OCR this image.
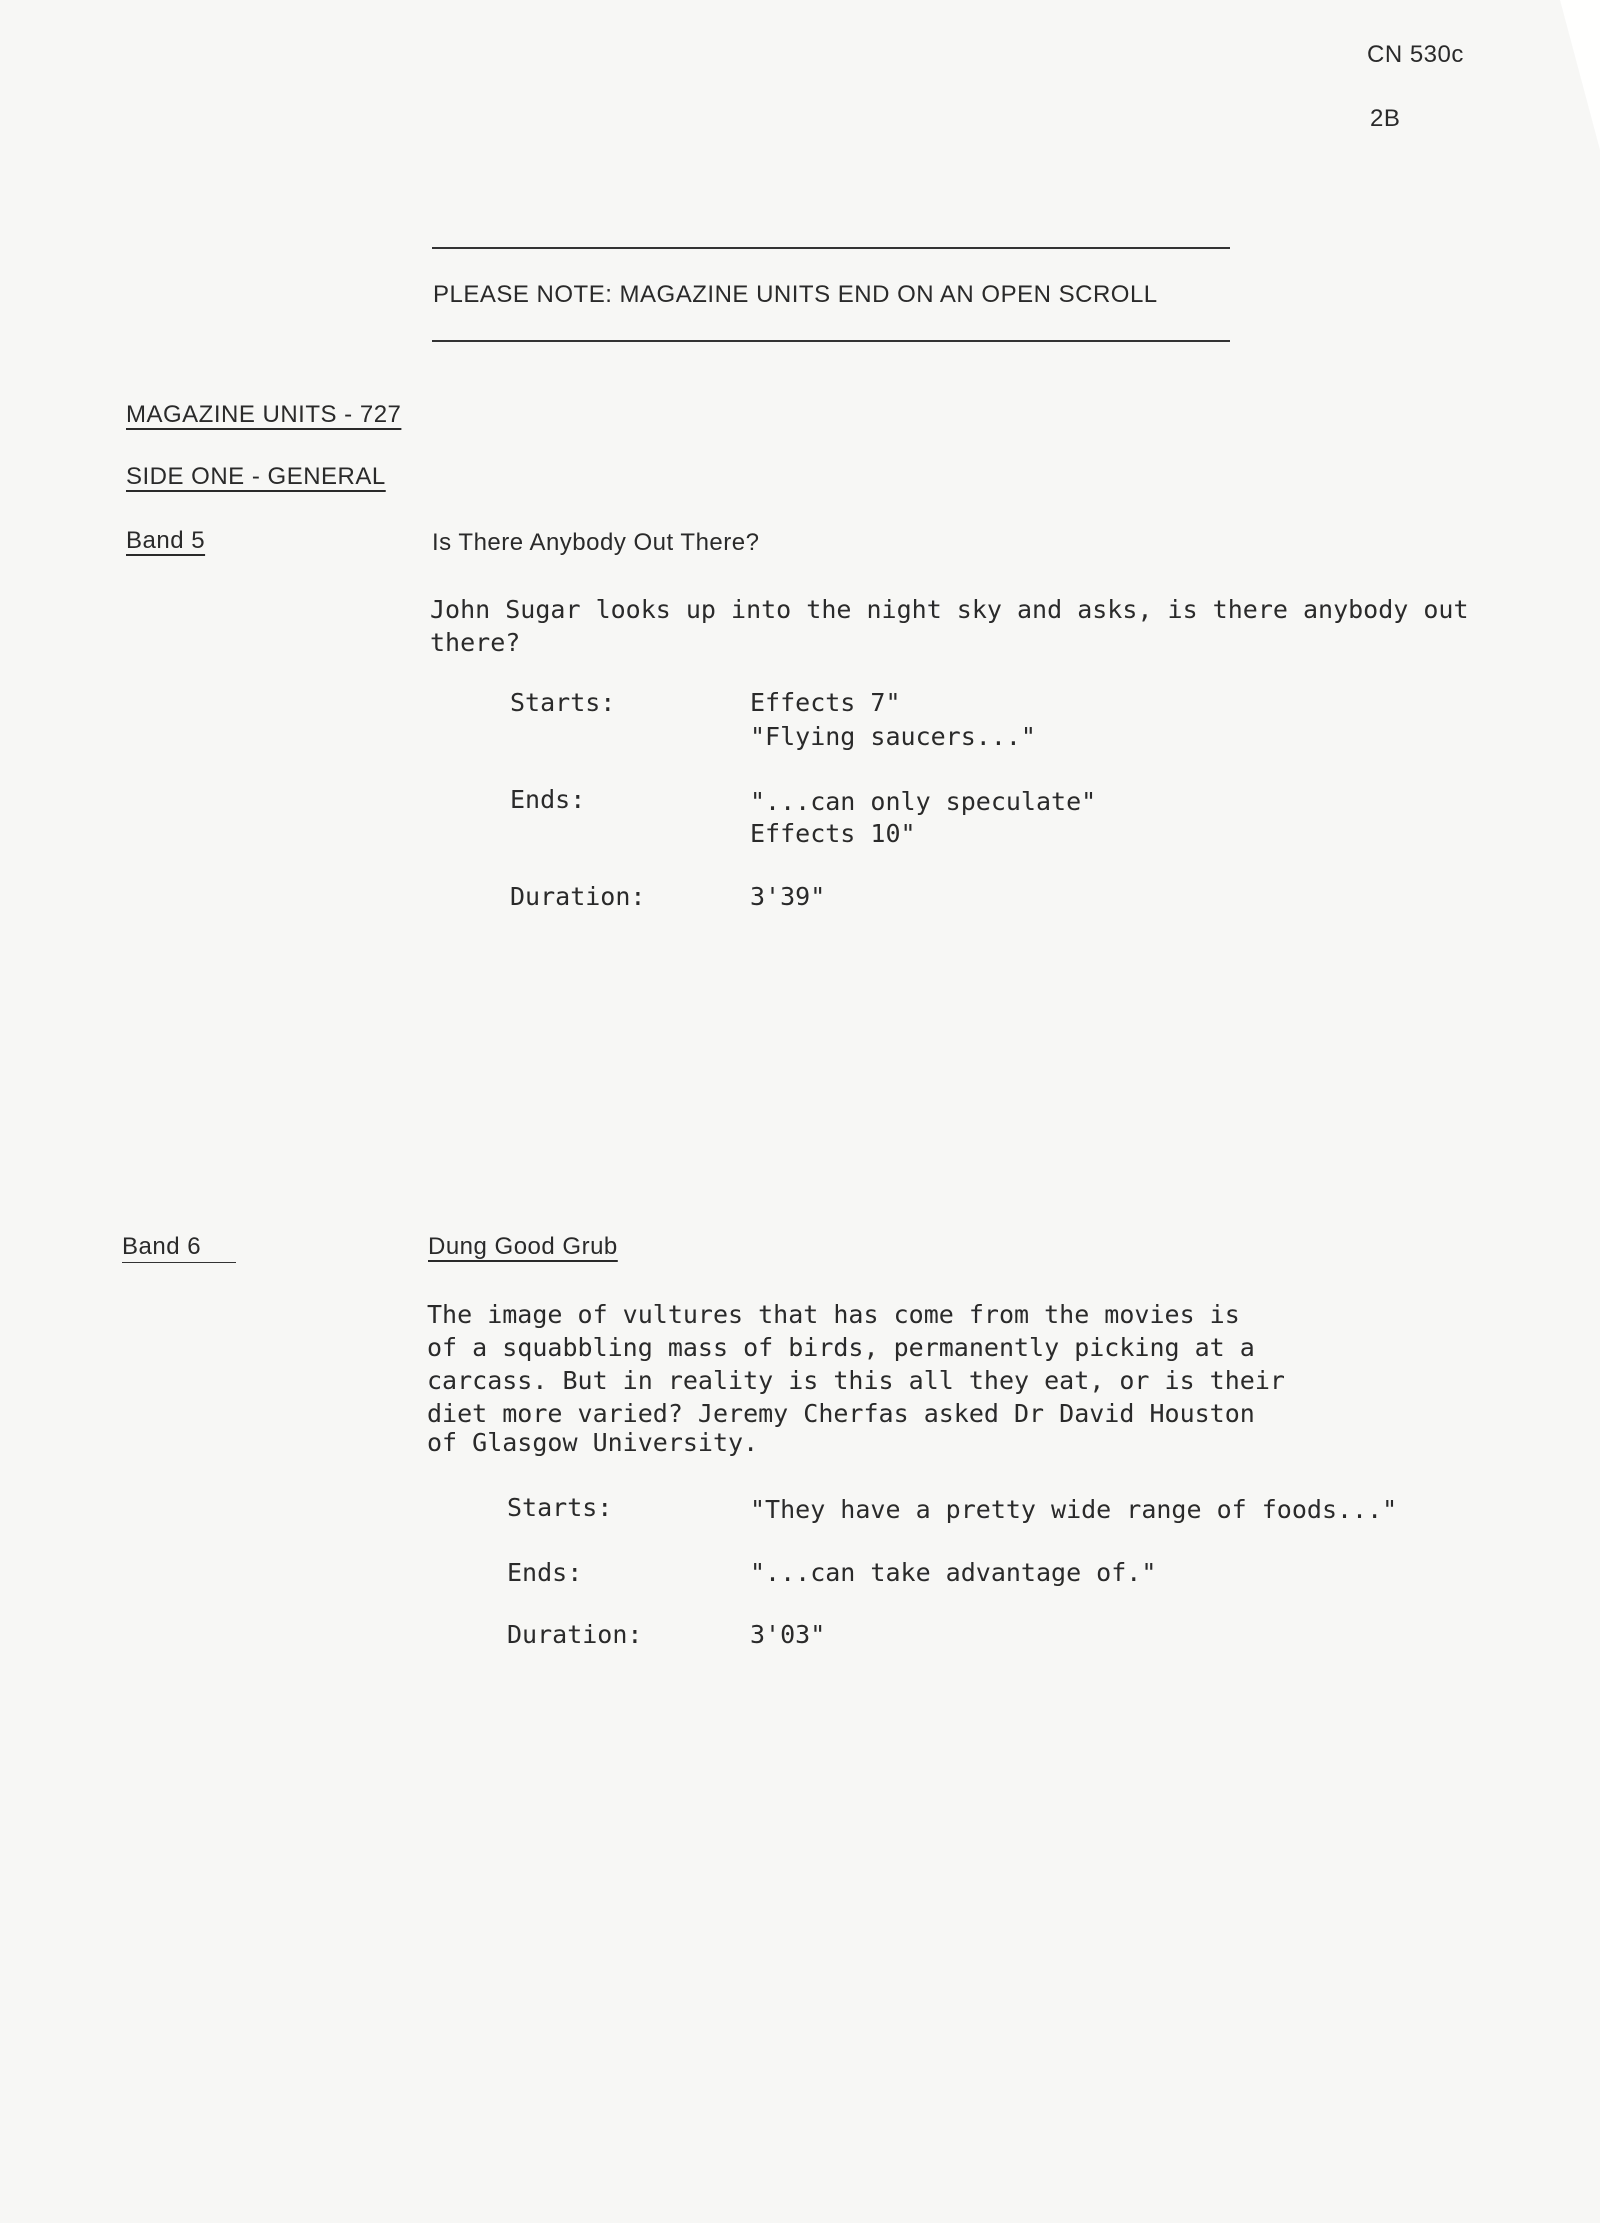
CN 530с
2B
PLEASE NOTE: MAGAZINE UNITS END ON AN OPEN SCROLL
MAGAZINE UNITS - 727
SIDE ONE - GENERAL
Band 5	Is There Anybody Out There?
John Sugar looks up into the night sky and asks, is there anybody out there?
Starts:	Effects 7"
"Flying saucers..."
Ends:	"...can only speculate"
Effects 10"
Duration:	3'39"
Band 6	Dung Good Grub
The image of vultures that has come from the movies is
of a squabbling mass of birds, permanently picking at a
carcass. But in reality is this all they eat, or is their
diet more varied? Jeremy Cherfas asked Dr David Houston
of Glasgow University.
Starts:	"They have a pretty wide range of foods..."
Ends:	"...can take advantage of."
Duration:	3'03"
